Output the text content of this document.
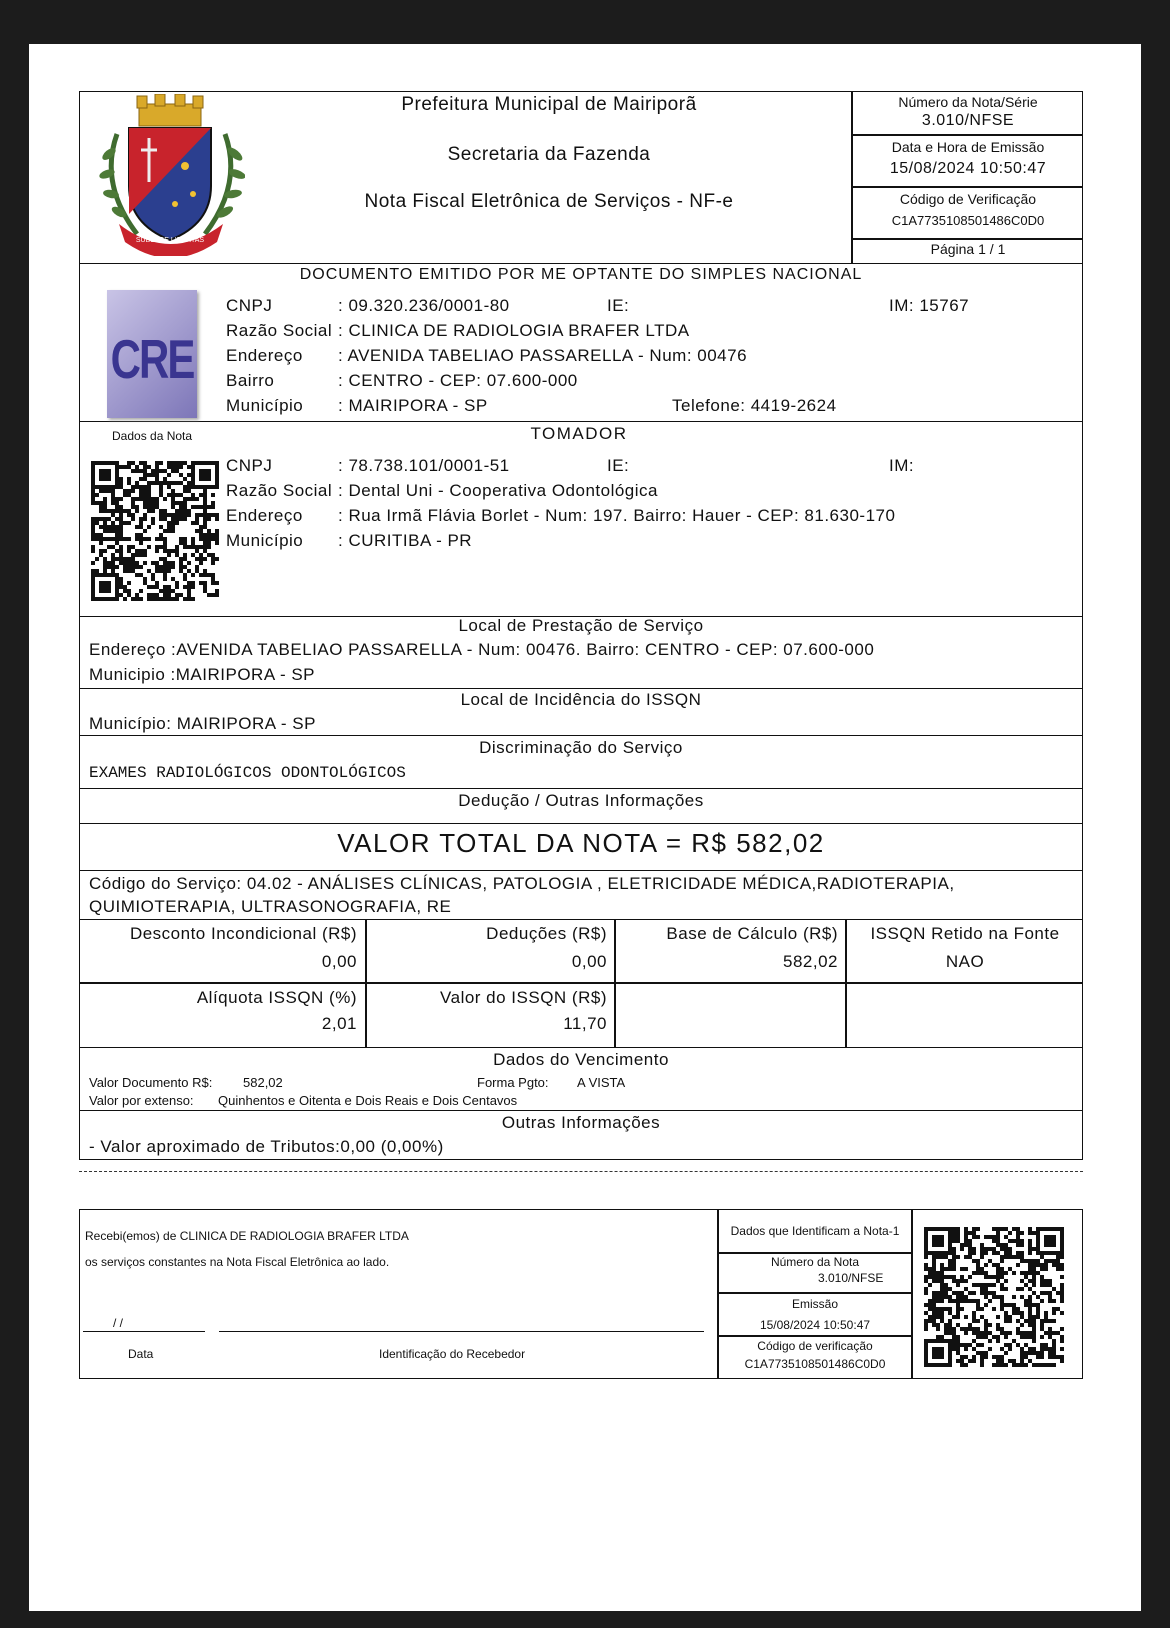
SUBLEGE LIBERTAS
Prefeitura Municipal de Mairiporã
Secretaria da Fazenda
Nota Fiscal Eletrônica de Serviços - NF-e
Número da Nota/Série
3.010/NFSE
Data e Hora de Emissão
15/08/2024 10:50:47
Código de Verificação
C1A7735108501486C0D0
Página 1 / 1
DOCUMENTO EMITIDO POR ME OPTANTE DO SIMPLES NACIONAL
CRE
CNPJ	: 09.320.236/0001-80	IE:	IM: 15767
Razão Social : CLINICA DE RADIOLOGIA BRAFER LTDA
Endereço : AVENIDA TABELIAO PASSARELLA - Num: 00476
Bairro	: CENTRO - CEP: 07.600-000
Município : MAIRIPORA - SP	Telefone: 4419-2624
Dados da Nota	TOMADOR
CNPJ	: 78.738.101/0001-51	IE:	IM:
Razão Social : Dental Uni - Cooperativa Odontológica
Endereço : Rua Irmã Flávia Borlet - Num: 197. Bairro: Hauer - CEP: 81.630-170
Município : CURITIBA - PR
Local de Prestação de Serviço
Endereço :AVENIDA TABELIAO PASSARELLA - Num: 00476. Bairro: CENTRO - CEP: 07.600-000
Municipio :MAIRIPORA - SP
Local de Incidência do ISSQN
Município: MAIRIPORA - SP
Discriminação do Serviço
EXAMES RADIOLÓGICOS ODONTOLÓGICOS
Dedução / Outras Informações
VALOR TOTAL DA NOTA = R$ 582,02
Código do Serviço: 04.02 - ANÁLISES CLÍNICAS, PATOLOGIA , ELETRICIDADE MÉDICA,RADIOTERAPIA,
QUIMIOTERAPIA, ULTRASONOGRAFIA, RE
Desconto Incondicional (R$)
0,00
Deduções (R$)
0,00
Base de Cálculo (R$)
582,02
ISSQN Retido na Fonte
NAO
Alíquota ISSQN (%)
2,01
Valor do ISSQN (R$)
11,70
Dados do Vencimento
Valor Documento R$: 582,02	Forma Pgto: A VISTA
Valor por extenso: Quinhentos e Oitenta e Dois Reais e Dois Centavos
Outras Informações
- Valor aproximado de Tributos:0,00 (0,00%)
Recebi(emos) de CLINICA DE RADIOLOGIA BRAFER LTDA
os serviços constantes na Nota Fiscal Eletrônica ao lado.
/ /
Data	Identificação do Recebedor
Dados que Identificam a Nota-1
Número da Nota
3.010/NFSE
Emissão
15/08/2024 10:50:47
Código de verificação
C1A7735108501486C0D0
